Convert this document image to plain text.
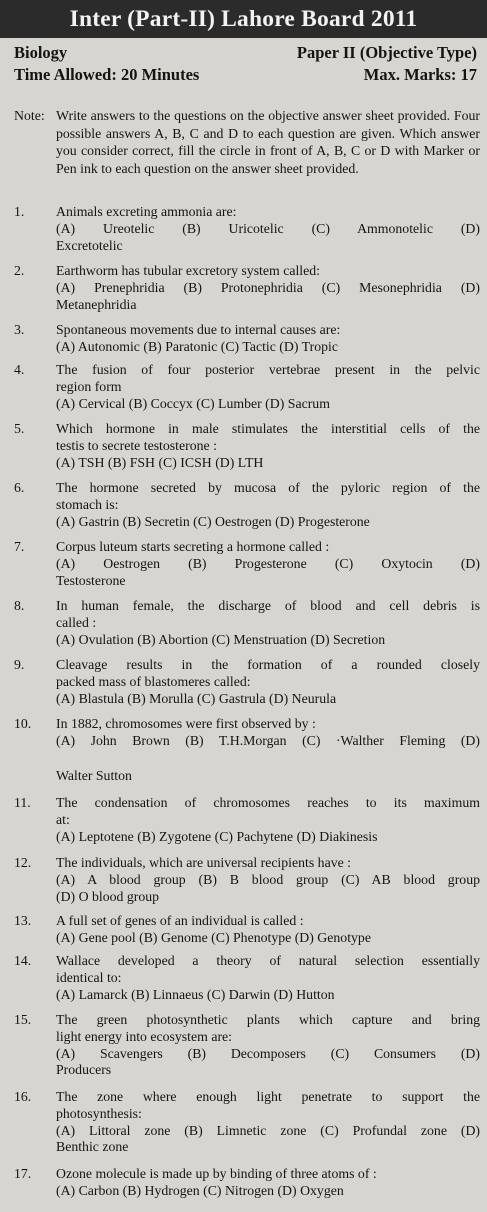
Inter (Part-II) Lahore Board 2011
Biology	Paper II (Objective Type)
Time Allowed: 20 Minutes	Max. Marks: 17
Note: Write answers to the questions on the objective answer sheet provided. Four possible answers A, B, C and D to each question are given. Which answer you consider correct, fill the circle in front of A, B, C or D with Marker or Pen ink to each question on the answer sheet provided.
1.	Animals excreting ammonia are:
(A) Ureotelic (B) Uricotelic (C) Ammonotelic (D)
Excretotelic
2.	Earthworm has tubular excretory system called:
(A) Prenephridia (B) Protonephridia (C) Mesonephridia (D)
Metanephridia
3.	Spontaneous movements due to internal causes are:
(A) Autonomic (B) Paratonic (C) Tactic (D) Tropic
4.	The fusion of four posterior vertebrae present in the pelvic
region form
(A) Cervical (B) Coccyx (C) Lumber (D) Sacrum
5.	Which hormone in male stimulates the interstitial cells of the
testis to secrete testosterone :
(A) TSH (B) FSH (C) ICSH (D) LTH
6.	The hormone secreted by mucosa of the pyloric region of the
stomach is:
(A) Gastrin (B) Secretin (C) Oestrogen (D) Progesterone
7.	Corpus luteum starts secreting a hormone called :
(A) Oestrogen (B) Progesterone (C) Oxytocin (D)
Testosterone
8.	In human female, the discharge of blood and cell debris is
called :
(A) Ovulation (B) Abortion (C) Menstruation (D) Secretion
9.	Cleavage results in the formation of a rounded closely
packed mass of blastomeres called:
(A) Blastula (B) Morulla (C) Gastrula (D) Neurula
10.	In 1882, chromosomes were first observed by :
(A) John Brown (B) T.H.Morgan (C) ·Walther Fleming (D)
Walter Sutton
11.	The condensation of chromosomes reaches to its maximum
at:
(A) Leptotene (B) Zygotene (C) Pachytene (D) Diakinesis
12.	The individuals, which are universal recipients have :
(A) A blood group (B) B blood group (C) AB blood group
(D) O blood group
13.	A full set of genes of an individual is called :
(A) Gene pool (B) Genome (C) Phenotype (D) Genotype
14.	Wallace developed a theory of natural selection essentially
identical to:
(A) Lamarck (B) Linnaeus (C) Darwin (D) Hutton
15.	The green photosynthetic plants which capture and bring
light energy into ecosystem are:
(A) Scavengers (B) Decomposers (C) Consumers (D)
Producers
16.	The zone where enough light penetrate to support the
photosynthesis:
(A) Littoral zone (B) Limnetic zone (C) Profundal zone (D)
Benthic zone
17.	Ozone molecule is made up by binding of three atoms of :
(A) Carbon (B) Hydrogen (C) Nitrogen (D) Oxygen
